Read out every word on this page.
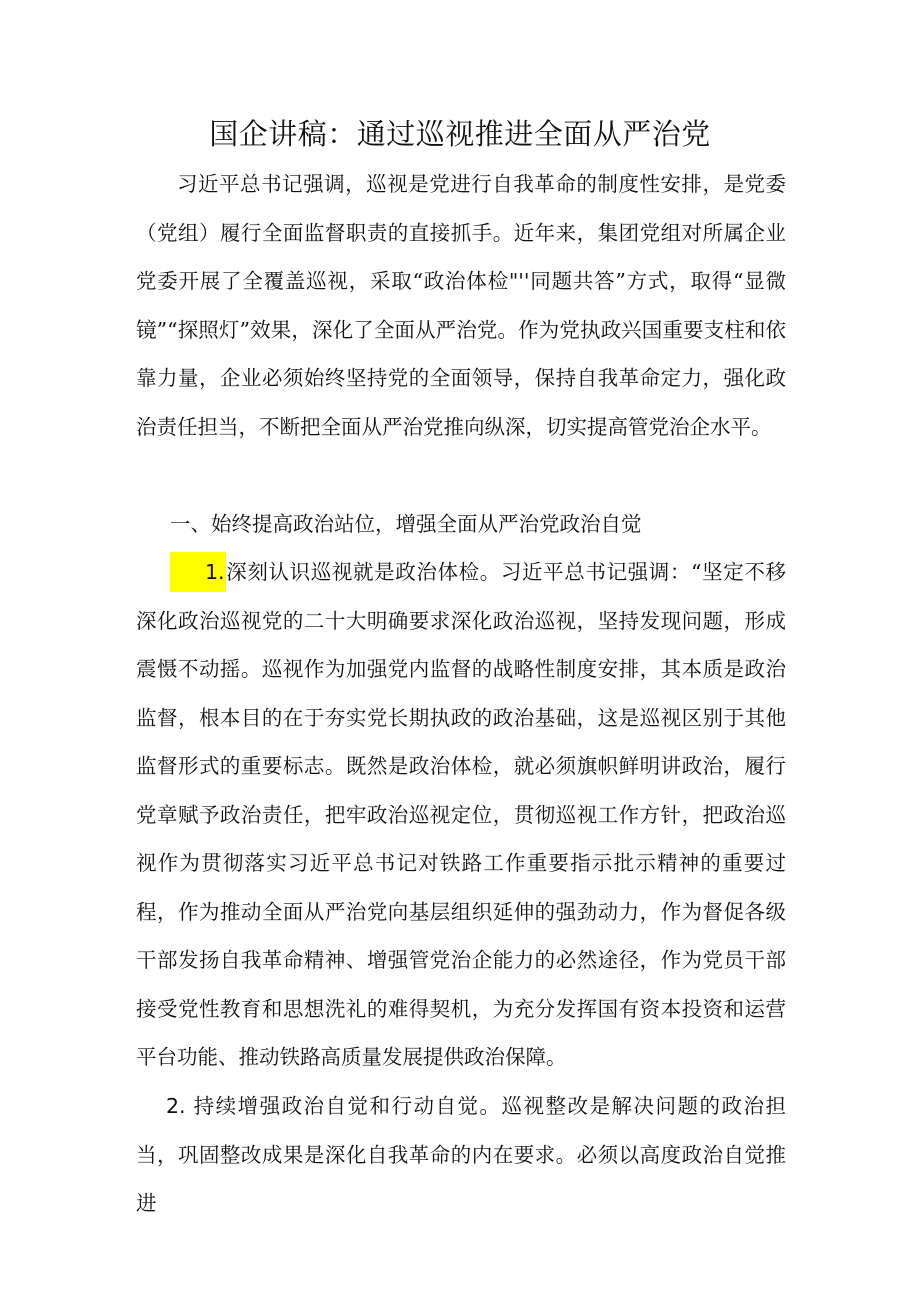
国企讲稿：通过巡视推进全面从严治党

习近平总书记强调，巡视是党进行自我革命的制度性安排，是党委（党组）履行全面监督职责的直接抓手。近年来，集团党组对所属企业党委开展了全覆盖巡视，采取“政治体检"''同题共答”方式，取得“显微镜”“探照灯”效果，深化了全面从严治党。作为党执政兴国重要支柱和依靠力量，企业必须始终坚持党的全面领导，保持自我革命定力，强化政治责任担当，不断把全面从严治党推向纵深，切实提高管党治企水平。

一、始终提高政治站位，增强全面从严治党政治自觉

1.深刻认识巡视就是政治体检。习近平总书记强调：“坚定不移深化政治巡视党的二十大明确要求深化政治巡视，坚持发现问题，形成震慑不动摇。巡视作为加强党内监督的战略性制度安排，其本质是政治监督，根本目的在于夯实党长期执政的政治基础，这是巡视区别于其他监督形式的重要标志。既然是政治体检，就必须旗帜鲜明讲政治，履行党章赋予政治责任，把牢政治巡视定位，贯彻巡视工作方针，把政治巡视作为贯彻落实习近平总书记对铁路工作重要指示批示精神的重要过程，作为推动全面从严治党向基层组织延伸的强劲动力，作为督促各级干部发扬自我革命精神、增强管党治企能力的必然途径，作为党员干部接受党性教育和思想洗礼的难得契机，为充分发挥国有资本投资和运营平台功能、推动铁路高质量发展提供政治保障。

2. 持续增强政治自觉和行动自觉。巡视整改是解决问题的政治担当，巩固整改成果是深化自我革命的内在要求。必须以高度政治自觉推进
